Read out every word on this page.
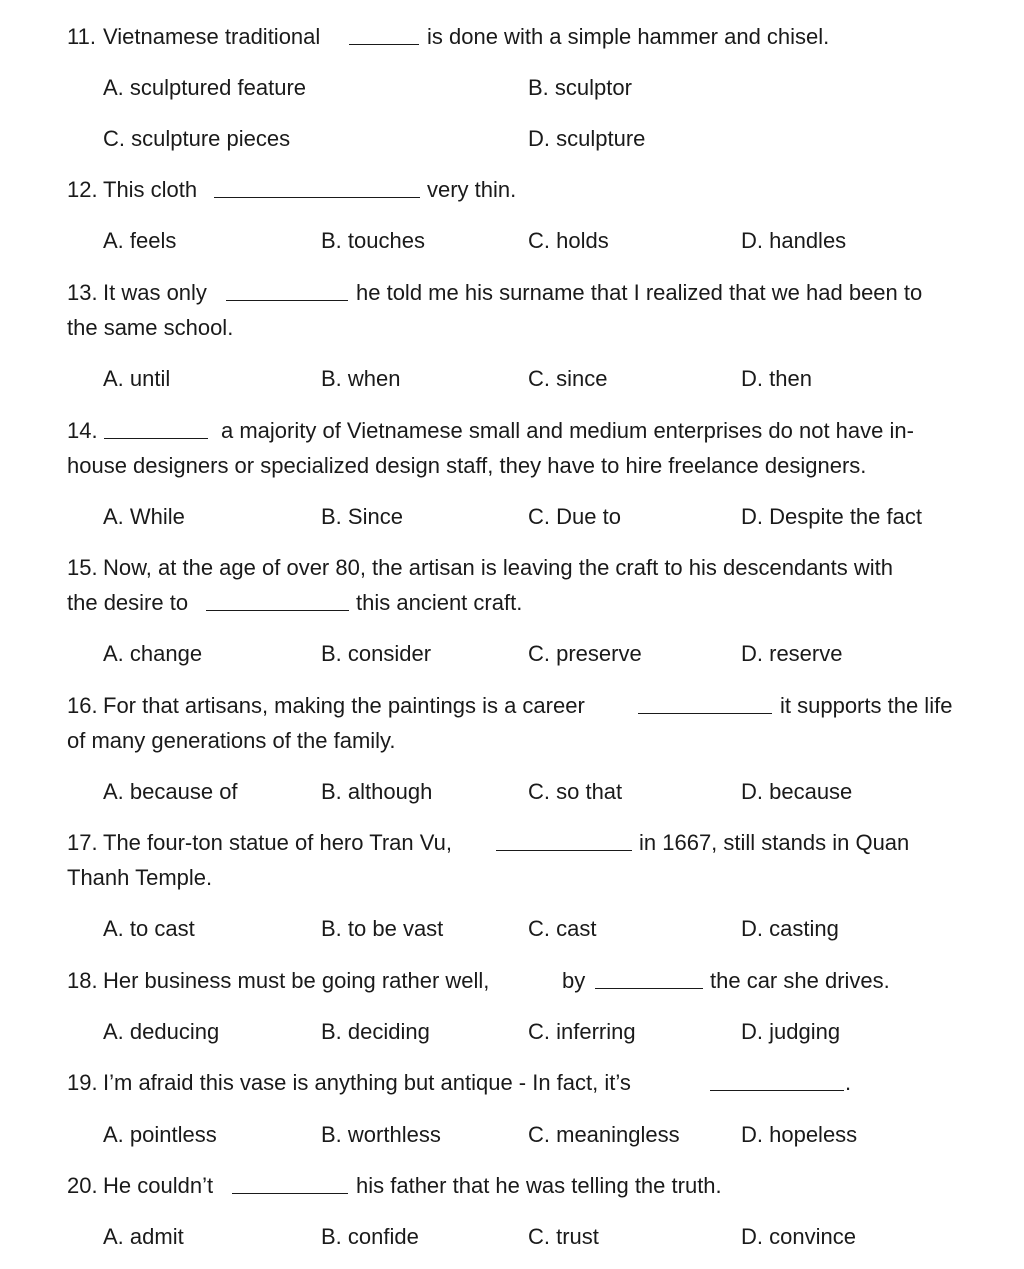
11. Vietnamese traditional	is done with a simple hammer and chisel.
A. sculptured feature	B. sculptor
C. sculpture pieces	D. sculpture
12. This cloth	very thin.
A. feels	B. touches	C. holds	D. handles
13. It was only	he told me his surname that I realized that we had been to
the same school.
A. until	B. when	C. since	D. then
14.	a majority of Vietnamese small and medium enterprises do not have in-
house designers or specialized design staff, they have to hire freelance designers.
A. While	B. Since	C. Due to	D. Despite the fact
15. Now, at the age of over 80, the artisan is leaving the craft to his descendants with
the desire to	this ancient craft.
A. change	B. consider	C. preserve	D. reserve
16. For that artisans, making the paintings is a career	it supports the life
of many generations of the family.
A. because of	B. although	C. so that	D. because
17. The four-ton statue of hero Tran Vu,	in 1667, still stands in Quan
Thanh Temple.
A. to cast	B. to be vast	C. cast	D. casting
18. Her business must be going rather well,	by	the car she drives.
A. deducing	B. deciding	C. inferring	D. judging
19. I’m afraid this vase is anything but antique - In fact, it’s	.
A. pointless	B. worthless	C. meaningless	D. hopeless
20. He couldn’t	his father that he was telling the truth.
A. admit	B. confide	C. trust	D. convince
